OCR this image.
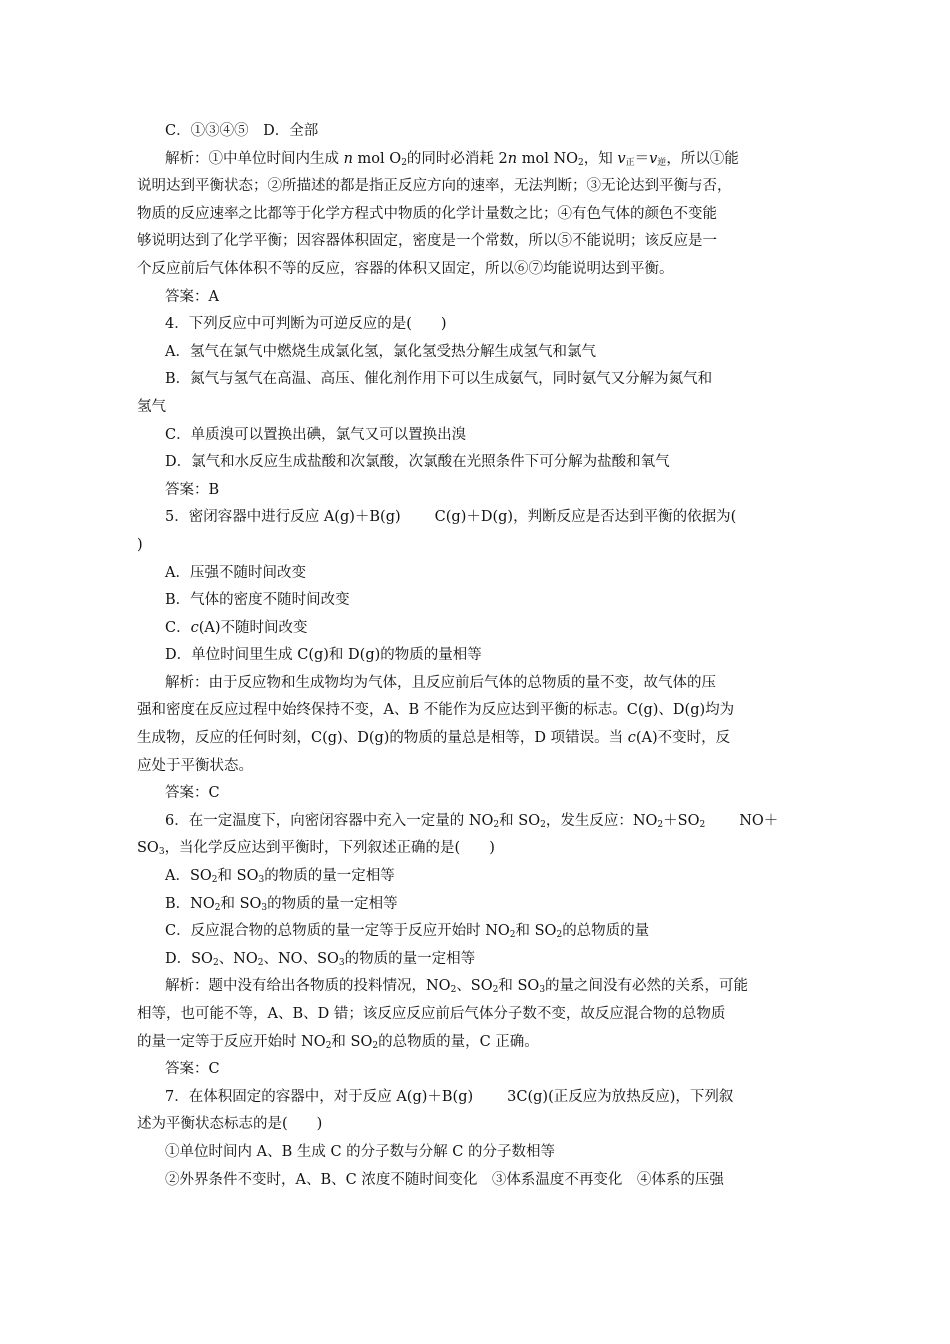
C．①③④⑤　D．全部

解析：①中单位时间内生成 n mol $O_2$的同时必消耗 2n mol $NO_2$，知 $v_正=v_逆$，所以①能

说明达到平衡状态；②所描述的都是指正反应方向的速率，无法判断；③无论达到平衡与否，

物质的反应速率之比都等于化学方程式中物质的化学计量数之比；④有色气体的颜色不变能

够说明达到了化学平衡；因容器体积固定，密度是一个常数，所以⑤不能说明；该反应是一

个反应前后气体体积不等的反应，容器的体积又固定，所以⑥⑦均能说明达到平衡。

答案：A

4．下列反应中可判断为可逆反应的是(　　)

A．氢气在氯气中燃烧生成氯化氢，氯化氢受热分解生成氢气和氯气

B．氮气与氢气在高温、高压、催化剂作用下可以生成氨气，同时氨气又分解为氮气和

氢气

C．单质溴可以置换出碘，氯气又可以置换出溴

D．氯气和水反应生成盐酸和次氯酸，次氯酸在光照条件下可分解为盐酸和氧气

答案：B

5．密闭容器中进行反应 A(g)＋B(g) C(g)＋D(g)，判断反应是否达到平衡的依据为(

)

A．压强不随时间改变

B．气体的密度不随时间改变

C．c(A)不随时间改变

D．单位时间里生成 C(g)和 D(g)的物质的量相等

解析：由于反应物和生成物均为气体，且反应前后气体的总物质的量不变，故气体的压

强和密度在反应过程中始终保持不变，A、B 不能作为反应达到平衡的标志。C(g)、D(g)均为

生成物，反应的任何时刻，C(g)、D(g)的物质的量总是相等，D 项错误。当 c(A)不变时，反

应处于平衡状态。

答案：C

6．在一定温度下，向密闭容器中充入一定量的 $NO_2$和 $SO_2$，发生反应：$NO_2+SO_2$ NO＋

$SO_3$，当化学反应达到平衡时，下列叙述正确的是(　　)

A．$SO_2$和 $SO_3$的物质的量一定相等

B．$NO_2$和 $SO_3$的物质的量一定相等

C．反应混合物的总物质的量一定等于反应开始时 $NO_2$和 $SO_2$的总物质的量

D．$SO_2$、$NO_2$、NO、$SO_3$的物质的量一定相等

解析：题中没有给出各物质的投料情况，$NO_2$、$SO_2$和 $SO_3$的量之间没有必然的关系，可能

相等，也可能不等，A、B、D 错；该反应反应前后气体分子数不变，故反应混合物的总物质

的量一定等于反应开始时 $NO_2$和 $SO_2$的总物质的量，C 正确。

答案：C

7．在体积固定的容器中，对于反应 A(g)＋B(g) 3C(g)(正反应为放热反应)，下列叙

述为平衡状态标志的是(　　)

①单位时间内 A、B 生成 C 的分子数与分解 C 的分子数相等

②外界条件不变时，A、B、C 浓度不随时间变化　③体系温度不再变化　④体系的压强
